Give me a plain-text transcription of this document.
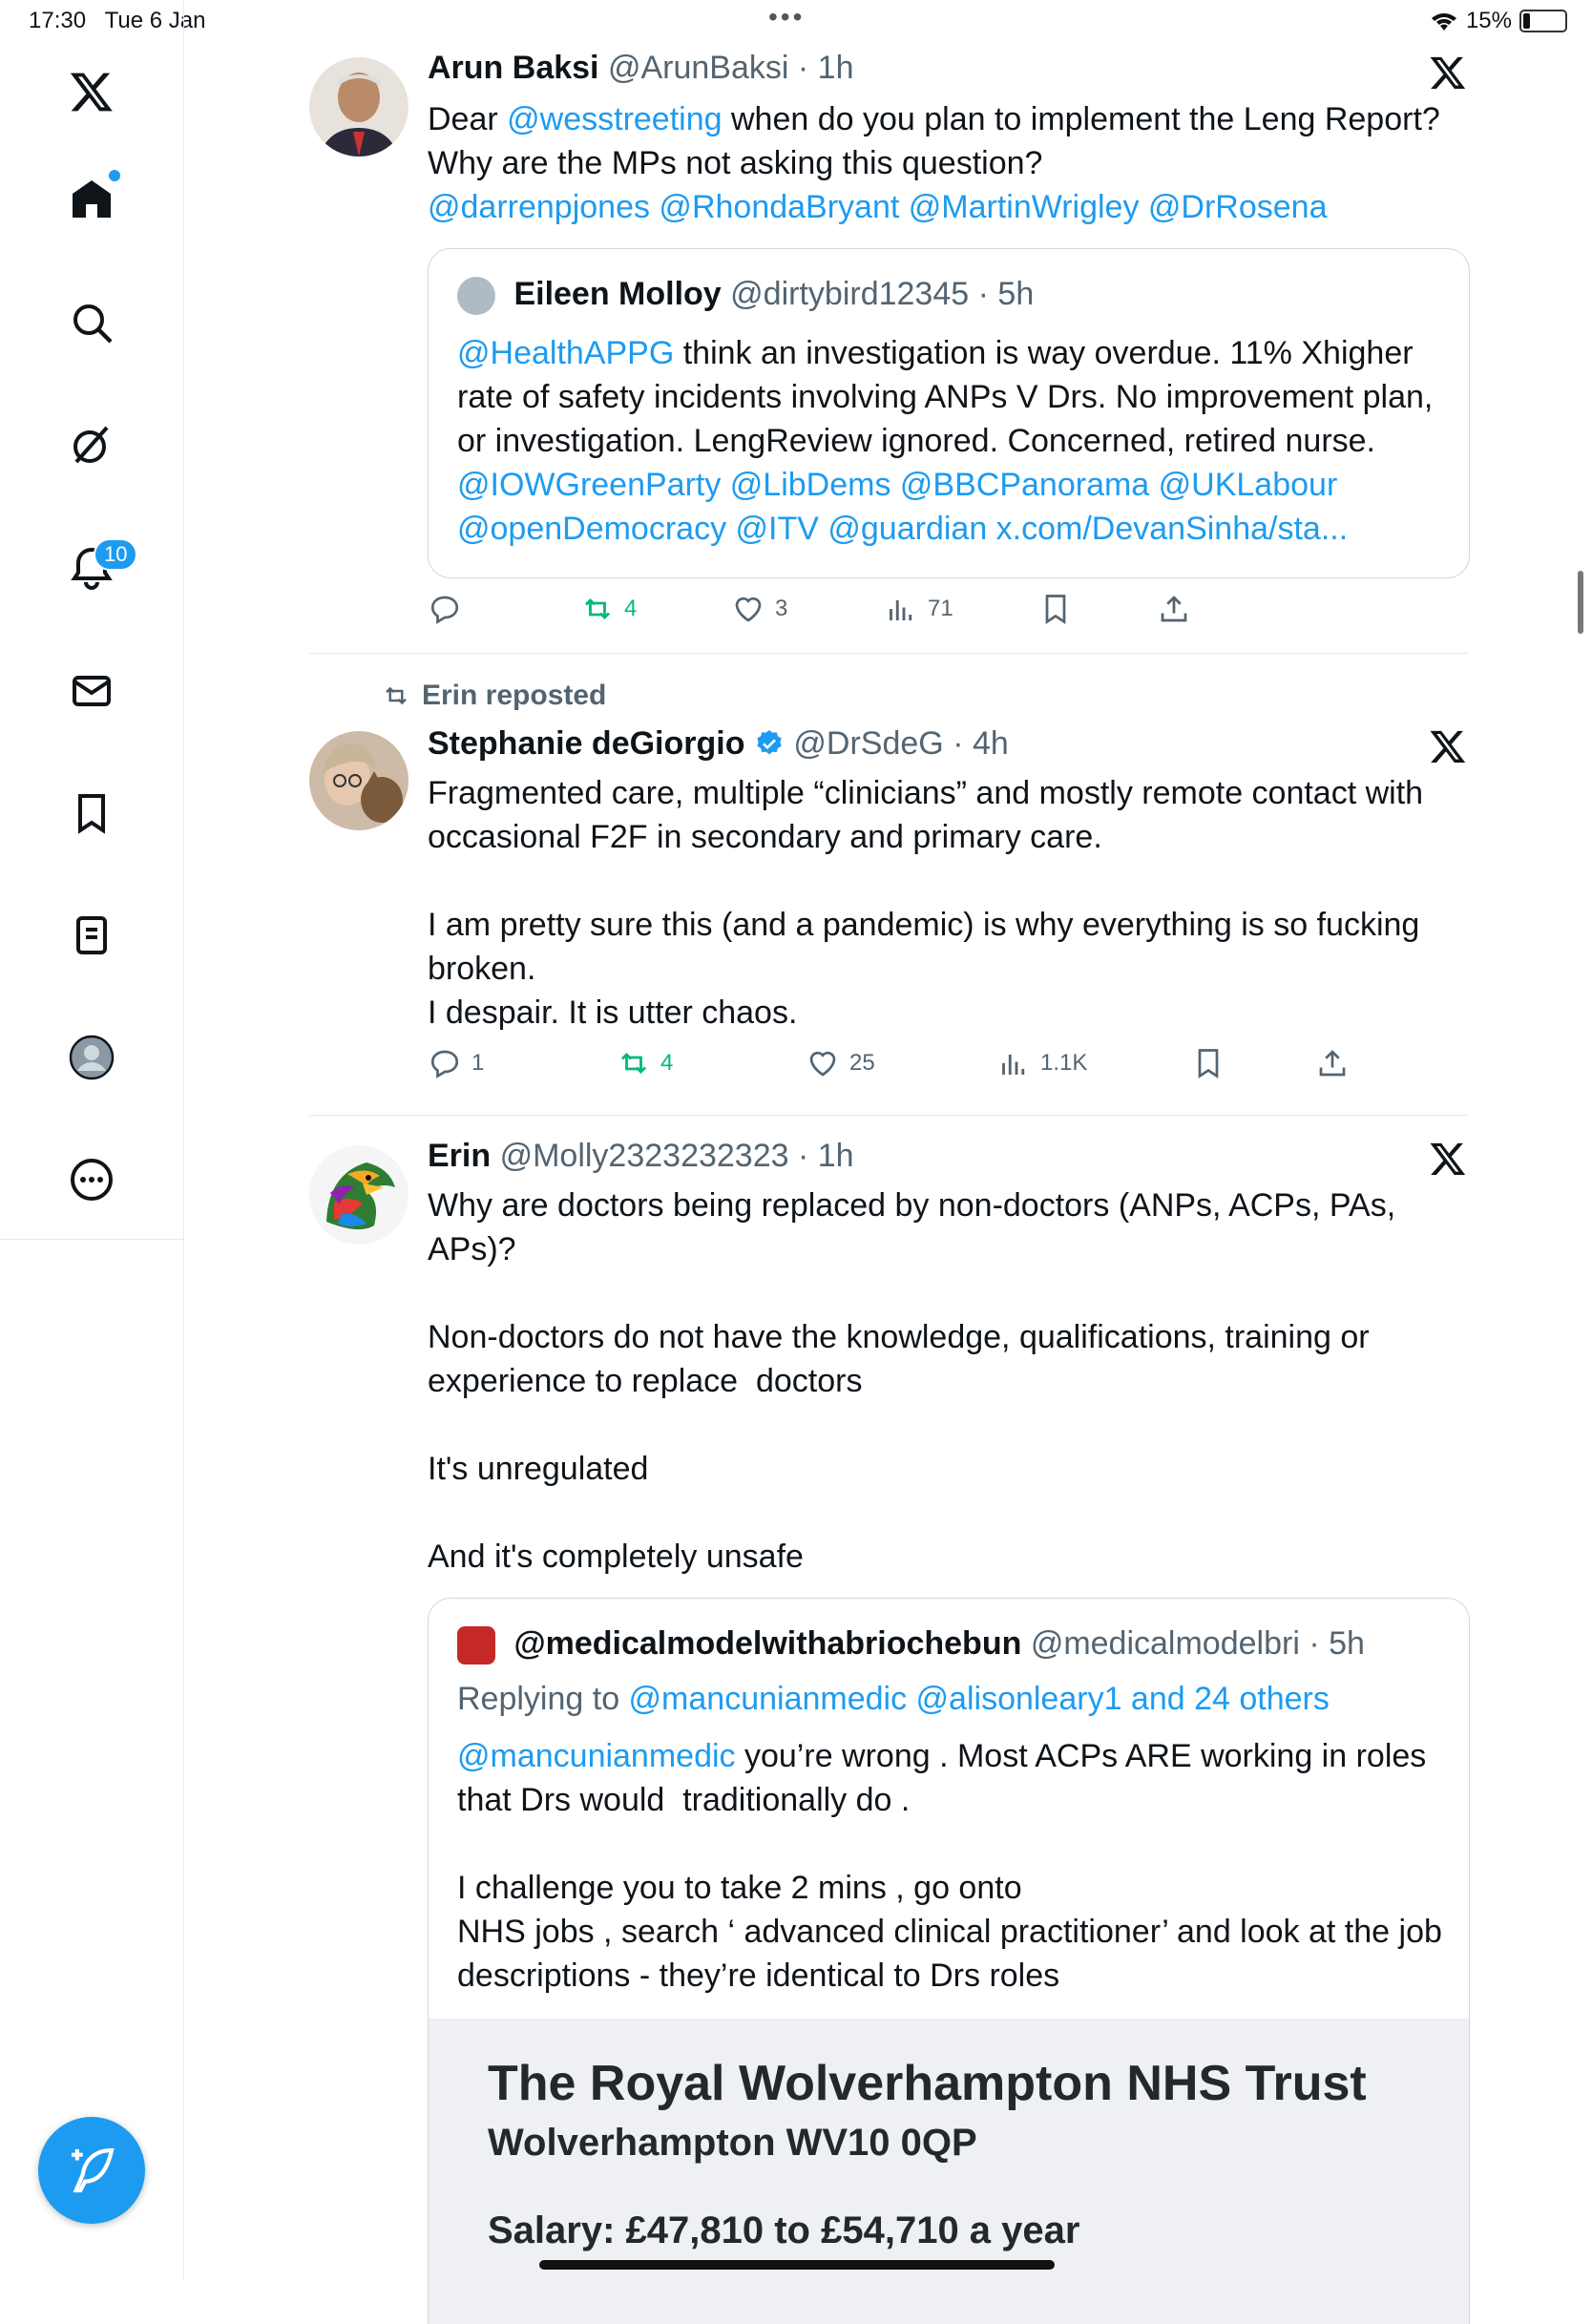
17:30 Tue 6 Jan	•••	15%
10
Arun Baksi @ArunBaksi · 1h
Dear @wesstreeting when do you plan to implement the Leng Report?
Why are the MPs not asking this question?
@darrenpjones @RhondaBryant @MartinWrigley @DrRosena
Eileen Molloy @dirtybird12345 · 5h
@HealthAPPG think an investigation is way overdue. 11% Xhigher rate of safety incidents involving ANPs V Drs. No improvement plan, or investigation. LengReview ignored. Concerned, retired nurse.
@IOWGreenParty @LibDems @BBCPanorama @UKLabour @openDemocracy @ITV @guardian x.com/DevanSinha/sta...
4	3	71
Erin reposted
Stephanie deGiorgio @DrSdeG · 4h
Fragmented care, multiple “clinicians” and mostly remote contact with occasional F2F in secondary and primary care.

I am pretty sure this (and a pandemic) is why everything is so fucking broken.
I despair. It is utter chaos.
1	4	25	1.1K
Erin @Molly2323232323 · 1h
Why are doctors being replaced by non-doctors (ANPs, ACPs, PAs, APs)?

Non-doctors do not have the knowledge, qualifications, training or experience to replace  doctors

It's unregulated

And it's completely unsafe
@medicalmodelwithabriochebun @medicalmodelbri · 5h
Replying to @mancunianmedic @alisonleary1 and 24 others
@mancunianmedic you’re wrong . Most ACPs ARE working in roles that Drs would  traditionally do .

I challenge you to take 2 mins , go onto
NHS jobs , search ‘ advanced clinical practitioner’ and look at the job descriptions - they’re identical to Drs roles
The Royal Wolverhampton NHS Trust
Wolverhampton WV10 0QP
Salary: £47,810 to £54,710 a year
